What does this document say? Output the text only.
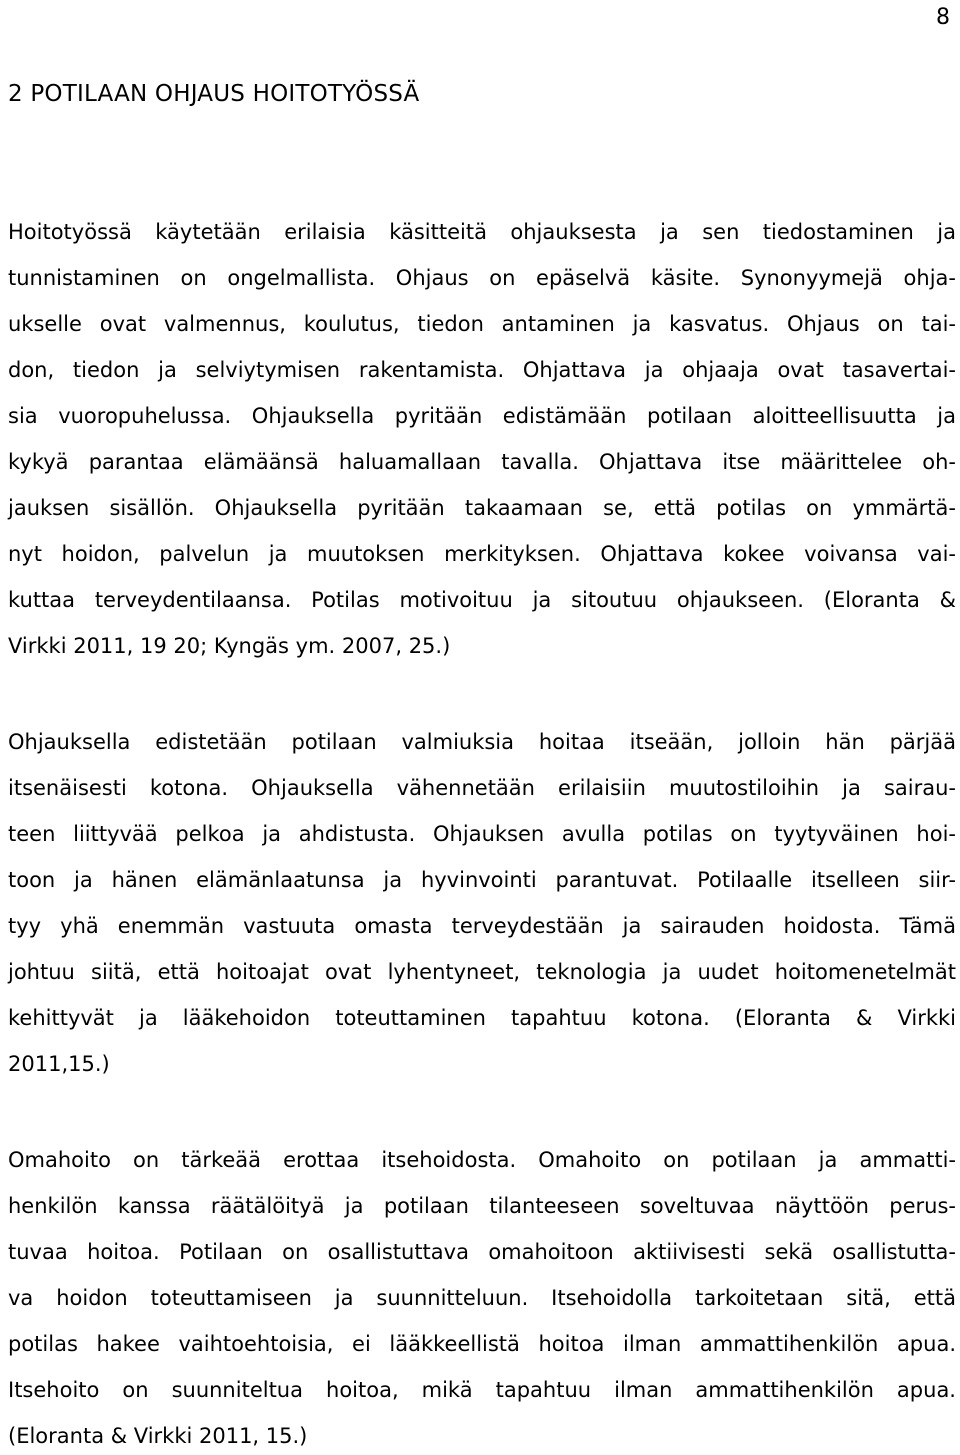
8
2 POTILAAN OHJAUS HOITOTYÖSSÄ
Hoitotyössä käytetään erilaisia käsitteitä ohjauksesta ja sen tiedostaminen ja
tunnistaminen on ongelmallista. Ohjaus on epäselvä käsite. Synonyymejä ohja-
ukselle ovat valmennus, koulutus, tiedon antaminen ja kasvatus. Ohjaus on tai-
don, tiedon ja selviytymisen rakentamista. Ohjattava ja ohjaaja ovat tasavertai-
sia vuoropuhelussa. Ohjauksella pyritään edistämään potilaan aloitteellisuutta ja
kykyä parantaa elämäänsä haluamallaan tavalla. Ohjattava itse määrittelee oh-
jauksen sisällön. Ohjauksella pyritään takaamaan se, että potilas on ymmärtä-
nyt hoidon, palvelun ja muutoksen merkityksen. Ohjattava kokee voivansa vai-
kuttaa terveydentilaansa. Potilas motivoituu ja sitoutuu ohjaukseen. (Eloranta &
Virkki 2011, 19 20; Kyngäs ym. 2007, 25.)
Ohjauksella edistetään potilaan valmiuksia hoitaa itseään, jolloin hän pärjää
itsenäisesti kotona. Ohjauksella vähennetään erilaisiin muutostiloihin ja sairau-
teen liittyvää pelkoa ja ahdistusta. Ohjauksen avulla potilas on tyytyväinen hoi-
toon ja hänen elämänlaatunsa ja hyvinvointi parantuvat. Potilaalle itselleen siir-
tyy yhä enemmän vastuuta omasta terveydestään ja sairauden hoidosta. Tämä
johtuu siitä, että hoitoajat ovat lyhentyneet, teknologia ja uudet hoitomenetelmät
kehittyvät ja lääkehoidon toteuttaminen tapahtuu kotona. (Eloranta & Virkki
2011,15.)
Omahoito on tärkeää erottaa itsehoidosta. Omahoito on potilaan ja ammatti-
henkilön kanssa räätälöityä ja potilaan tilanteeseen soveltuvaa näyttöön perus-
tuvaa hoitoa. Potilaan on osallistuttava omahoitoon aktiivisesti sekä osallistutta-
va hoidon toteuttamiseen ja suunnitteluun. Itsehoidolla tarkoitetaan sitä, että
potilas hakee vaihtoehtoisia, ei lääkkeellistä hoitoa ilman ammattihenkilön apua.
Itsehoito on suunniteltua hoitoa, mikä tapahtuu ilman ammattihenkilön apua.
(Eloranta & Virkki 2011, 15.)
